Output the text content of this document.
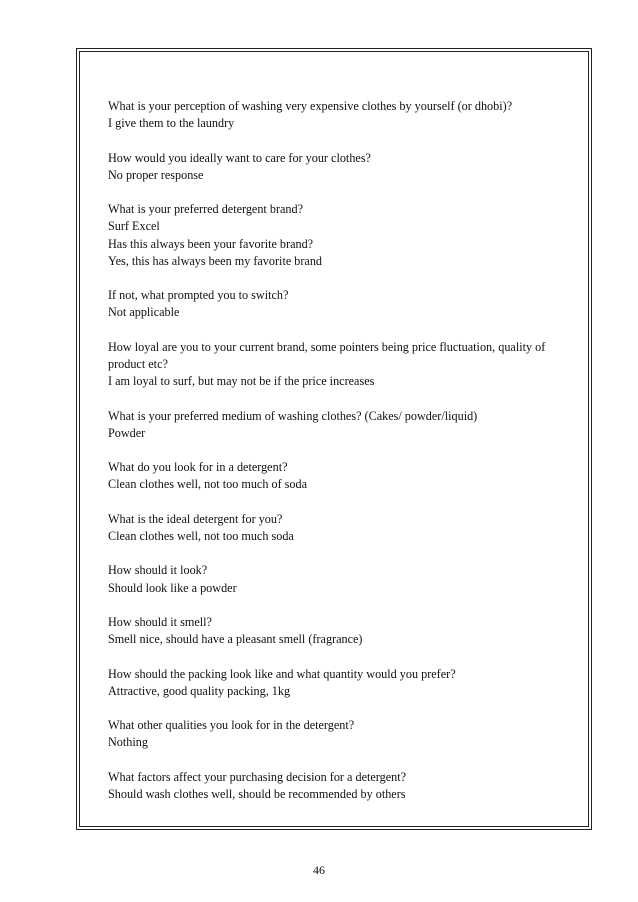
What is your perception of washing very expensive clothes by yourself (or dhobi)?
I give them to the laundry
How would you ideally want to care for your clothes?
No proper response
What is your preferred detergent brand?
Surf Excel
Has this always been your favorite brand?
Yes, this has always been my favorite brand
If not, what prompted you to switch?
Not applicable
How loyal are you to your current brand, some pointers being price fluctuation, quality of product etc?
I am loyal to surf, but may not be if the price increases
What is your preferred medium of washing clothes? (Cakes/ powder/liquid)
Powder
What do you look for in a detergent?
Clean clothes well, not too much of soda
What is the ideal detergent for you?
Clean clothes well, not too much soda
How should it look?
Should look like a powder
How should it smell?
Smell nice, should have a pleasant smell (fragrance)
How should the packing look like and what quantity would you prefer?
Attractive, good quality packing, 1kg
What other qualities you look for in the detergent?
Nothing
What factors affect your purchasing decision for a detergent?
Should wash clothes well, should be recommended by others
46
